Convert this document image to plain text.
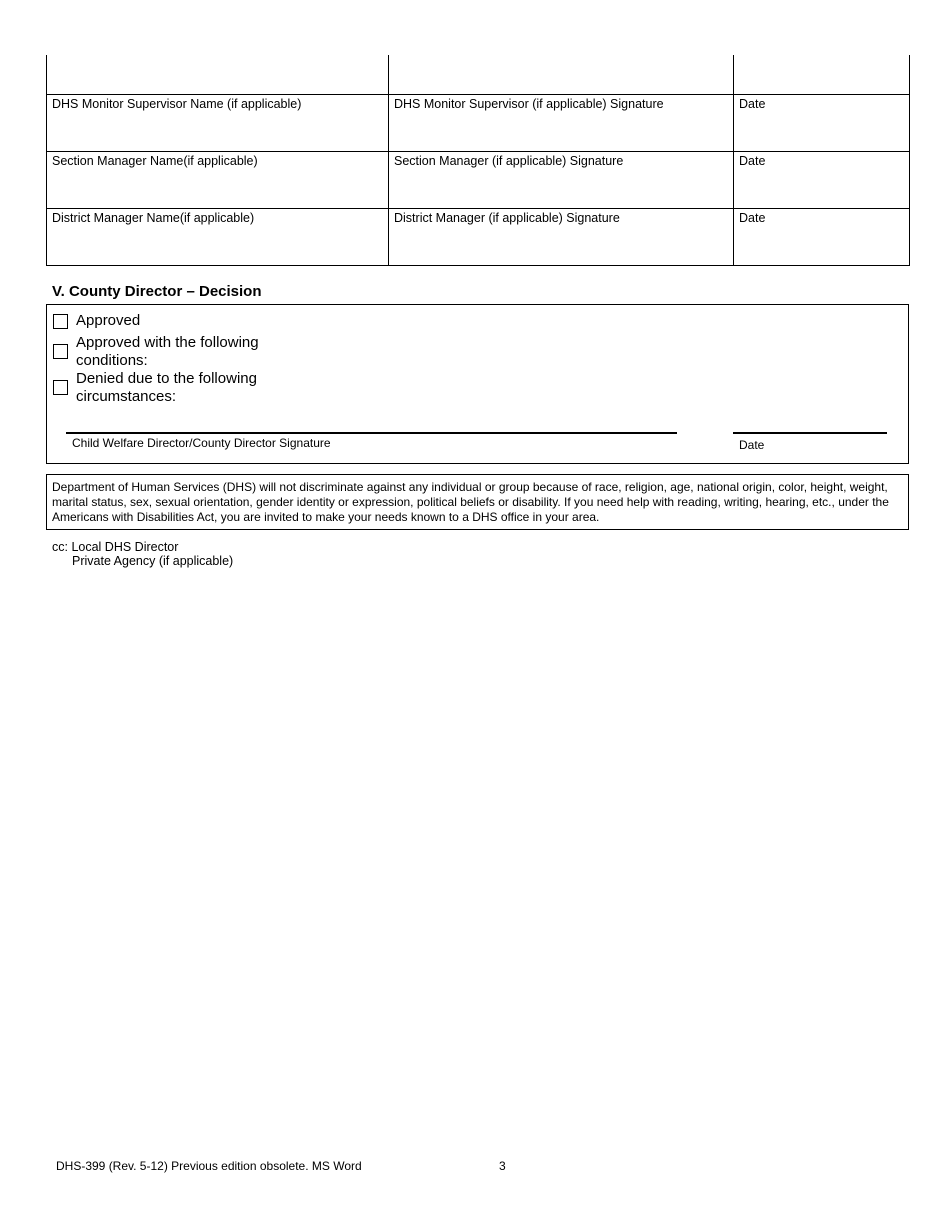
DHS Monitor Supervisor Name (if applicable)	DHS Monitor Supervisor (if applicable) Signature	Date
Section Manager Name(if applicable)	Section Manager (if applicable) Signature	Date
District Manager Name(if applicable)	District Manager (if applicable) Signature	Date
V. County Director – Decision
Approved
Approved with the following conditions:
Denied due to the following circumstances:
Child Welfare Director/County Director Signature	Date
Department of Human Services (DHS) will not discriminate against any individual or group because of race, religion, age, national origin, color, height, weight, marital status, sex, sexual orientation, gender identity or expression, political beliefs or disability. If you need help with reading, writing, hearing, etc., under the Americans with Disabilities Act, you are invited to make your needs known to a DHS office in your area.
cc: Local DHS Director
Private Agency (if applicable)
DHS-399 (Rev. 5-12) Previous edition obsolete. MS Word	3
